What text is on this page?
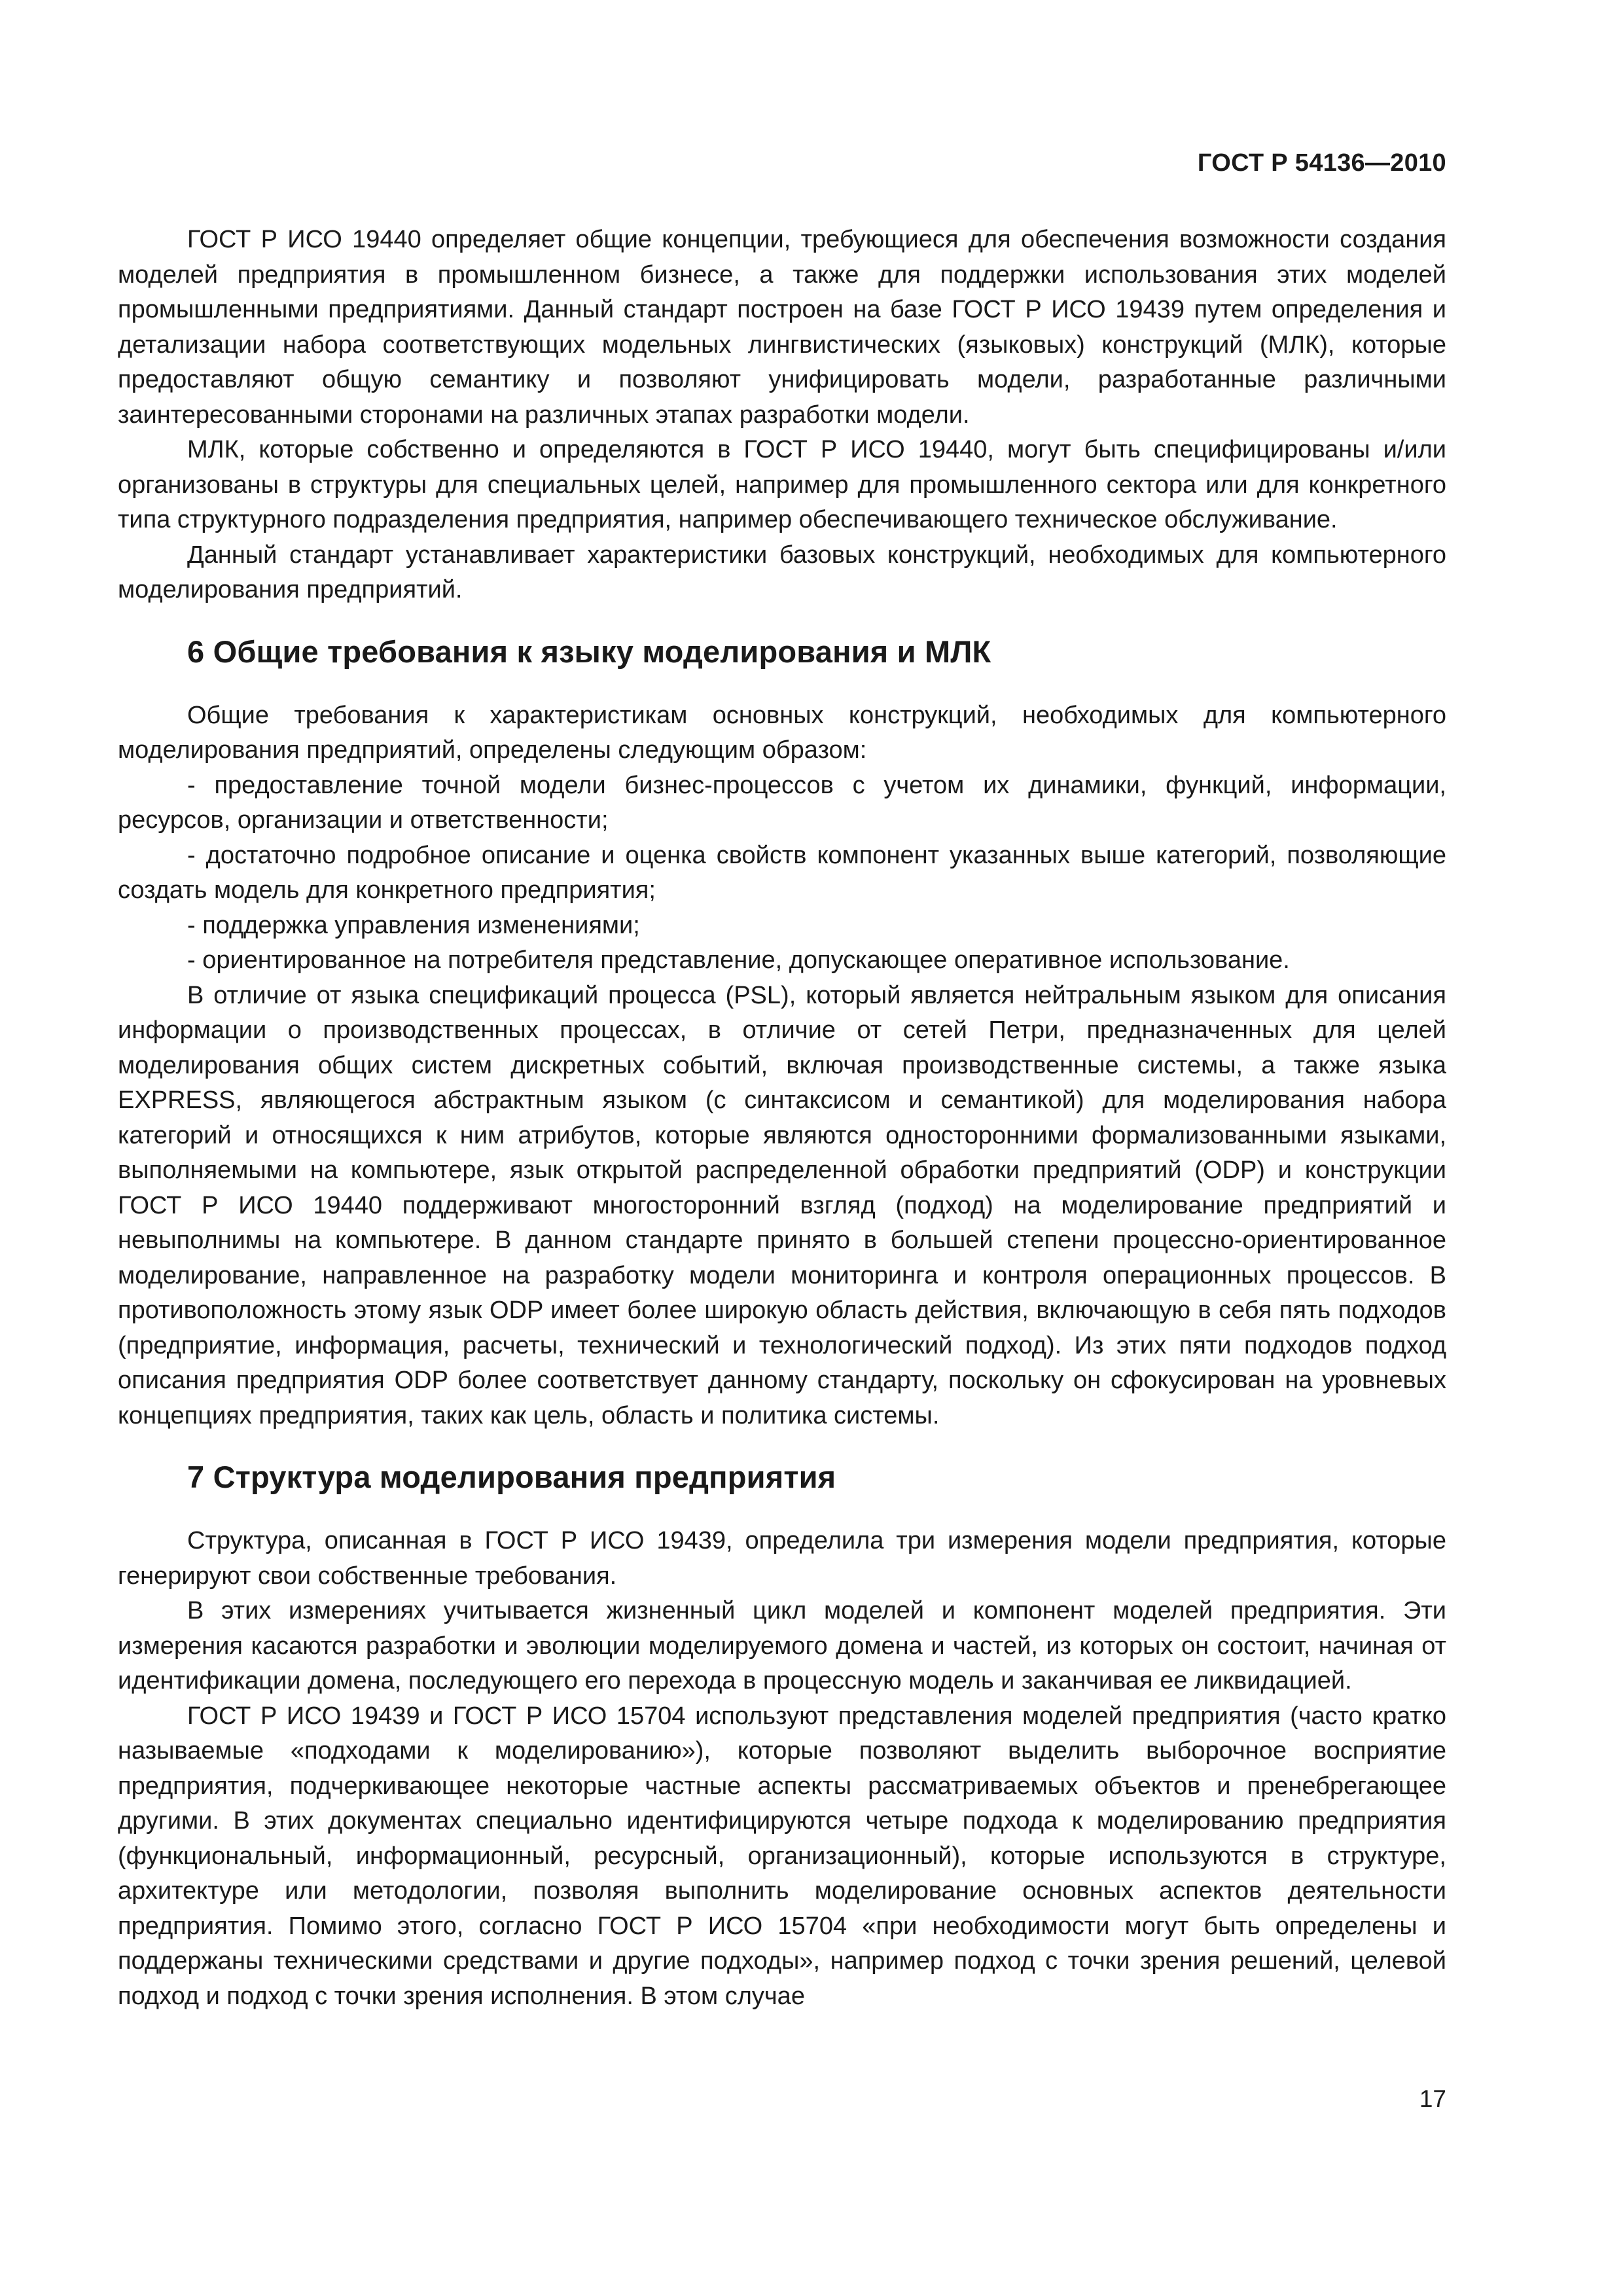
ГОСТ Р 54136—2010

ГОСТ Р ИСО 19440 определяет общие концепции, требующиеся для обеспечения возможности создания моделей предприятия в промышленном бизнесе, а также для поддержки использования этих моделей промышленными предприятиями. Данный стандарт построен на базе ГОСТ Р ИСО 19439 путем определения и детализации набора соответствующих модельных лингвистических (языковых) конструкций (МЛК), которые предоставляют общую семантику и позволяют унифицировать модели, разработанные различными заинтересованными сторонами на различных этапах разработки модели.

МЛК, которые собственно и определяются в ГОСТ Р ИСО 19440, могут быть специфицированы и/или организованы в структуры для специальных целей, например для промышленного сектора или для конкретного типа структурного подразделения предприятия, например обеспечивающего техническое обслуживание.

Данный стандарт устанавливает характеристики базовых конструкций, необходимых для компьютерного моделирования предприятий.

6 Общие требования к языку моделирования и МЛК

Общие требования к характеристикам основных конструкций, необходимых для компьютерного моделирования предприятий, определены следующим образом:

- предоставление точной модели бизнес-процессов с учетом их динамики, функций, информации, ресурсов, организации и ответственности;

- достаточно подробное описание и оценка свойств компонент указанных выше категорий, позволяющие создать модель для конкретного предприятия;

- поддержка управления изменениями;

- ориентированное на потребителя представление, допускающее оперативное использование.

В отличие от языка спецификаций процесса (PSL), который является нейтральным языком для описания информации о производственных процессах, в отличие от сетей Петри, предназначенных для целей моделирования общих систем дискретных событий, включая производственные системы, а также языка EXPRESS, являющегося абстрактным языком (с синтаксисом и семантикой) для моделирования набора категорий и относящихся к ним атрибутов, которые являются односторонними формализованными языками, выполняемыми на компьютере, язык открытой распределенной обработки предприятий (ODP) и конструкции ГОСТ Р ИСО 19440 поддерживают многосторонний взгляд (подход) на моделирование предприятий и невыполнимы на компьютере. В данном стандарте принято в большей степени процессно-ориентированное моделирование, направленное на разработку модели мониторинга и контроля операционных процессов. В противоположность этому язык ODP имеет более широкую область действия, включающую в себя пять подходов (предприятие, информация, расчеты, технический и технологический подход). Из этих пяти подходов подход описания предприятия ODP более соответствует данному стандарту, поскольку он сфокусирован на уровневых концепциях предприятия, таких как цель, область и политика системы.

7 Структура моделирования предприятия

Структура, описанная в ГОСТ Р ИСО 19439, определила три измерения модели предприятия, которые генерируют свои собственные требования.

В этих измерениях учитывается жизненный цикл моделей и компонент моделей предприятия. Эти измерения касаются разработки и эволюции моделируемого домена и частей, из которых он состоит, начиная от идентификации домена, последующего его перехода в процессную модель и заканчивая ее ликвидацией.

ГОСТ Р ИСО 19439 и ГОСТ Р ИСО 15704 используют представления моделей предприятия (часто кратко называемые «подходами к моделированию»), которые позволяют выделить выборочное восприятие предприятия, подчеркивающее некоторые частные аспекты рассматриваемых объектов и пренебрегающее другими. В этих документах специально идентифицируются четыре подхода к моделированию предприятия (функциональный, информационный, ресурсный, организационный), которые используются в структуре, архитектуре или методологии, позволяя выполнить моделирование основных аспектов деятельности предприятия. Помимо этого, согласно ГОСТ Р ИСО 15704 «при необходимости могут быть определены и поддержаны техническими средствами и другие подходы», например подход с точки зрения решений, целевой подход и подход с точки зрения исполнения. В этом случае

17
